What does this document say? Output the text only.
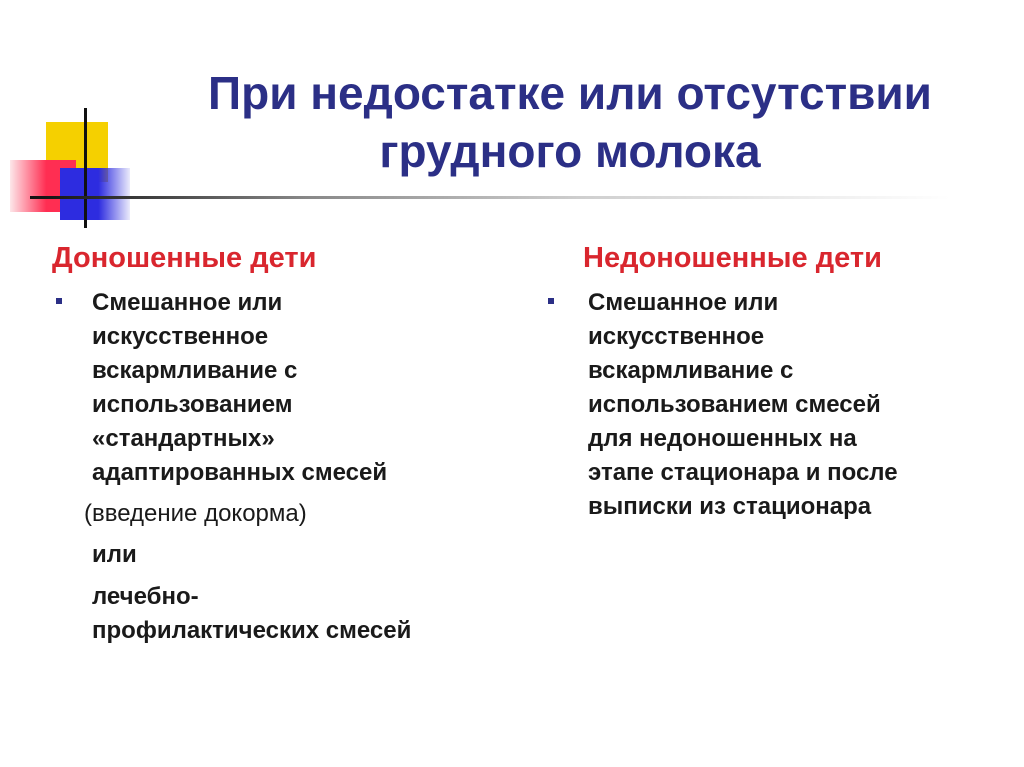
При недостатке или отсутствии
грудного молока
Доношенные дети

Смешанное или
искусственное
вскармливание с
использованием
«стандартных»
адаптированных смесей

(введение докорма)

или

лечебно-
профилактических смесей

Недоношенные дети

Смешанное или
искусственное
вскармливание с
использованием смесей
для недоношенных на
этапе стационара и после
выписки из стационара
